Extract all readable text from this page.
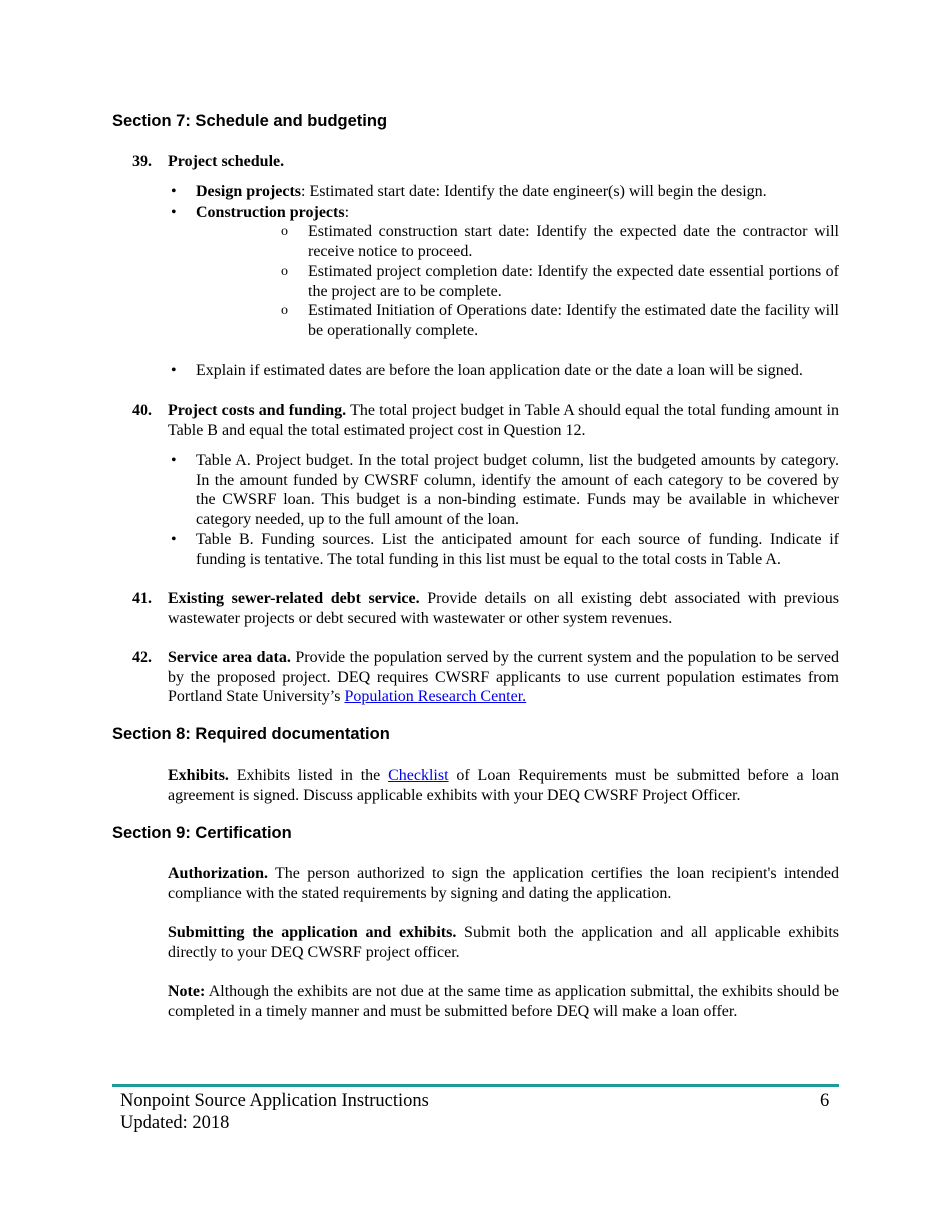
Section 7: Schedule and budgeting
39. Project schedule.

• Design projects: Estimated start date: Identify the date engineer(s) will begin the design.

• Construction projects:

o Estimated construction start date: Identify the expected date the contractor will receive notice to proceed.

o Estimated project completion date: Identify the expected date essential portions of the project are to be complete.

o Estimated Initiation of Operations date: Identify the estimated date the facility will be operationally complete.

• Explain if estimated dates are before the loan application date or the date a loan will be signed.

40. Project costs and funding. The total project budget in Table A should equal the total funding amount in Table B and equal the total estimated project cost in Question 12.

• Table A. Project budget. In the total project budget column, list the budgeted amounts by category. In the amount funded by CWSRF column, identify the amount of each category to be covered by the CWSRF loan. This budget is a non-binding estimate. Funds may be available in whichever category needed, up to the full amount of the loan.

• Table B. Funding sources. List the anticipated amount for each source of funding. Indicate if funding is tentative. The total funding in this list must be equal to the total costs in Table A.

41. Existing sewer-related debt service. Provide details on all existing debt associated with previous wastewater projects or debt secured with wastewater or other system revenues.

42. Service area data. Provide the population served by the current system and the population to be served by the proposed project. DEQ requires CWSRF applicants to use current population estimates from Portland State University’s Population Research Center.

Section 8: Required documentation

Exhibits. Exhibits listed in the Checklist of Loan Requirements must be submitted before a loan agreement is signed. Discuss applicable exhibits with your DEQ CWSRF Project Officer.

Section 9: Certification

Authorization. The person authorized to sign the application certifies the loan recipient's intended compliance with the stated requirements by signing and dating the application.

Submitting the application and exhibits. Submit both the application and all applicable exhibits directly to your DEQ CWSRF project officer.

Note: Although the exhibits are not due at the same time as application submittal, the exhibits should be completed in a timely manner and must be submitted before DEQ will make a loan offer.

Nonpoint Source Application Instructions	6
Updated: 2018
